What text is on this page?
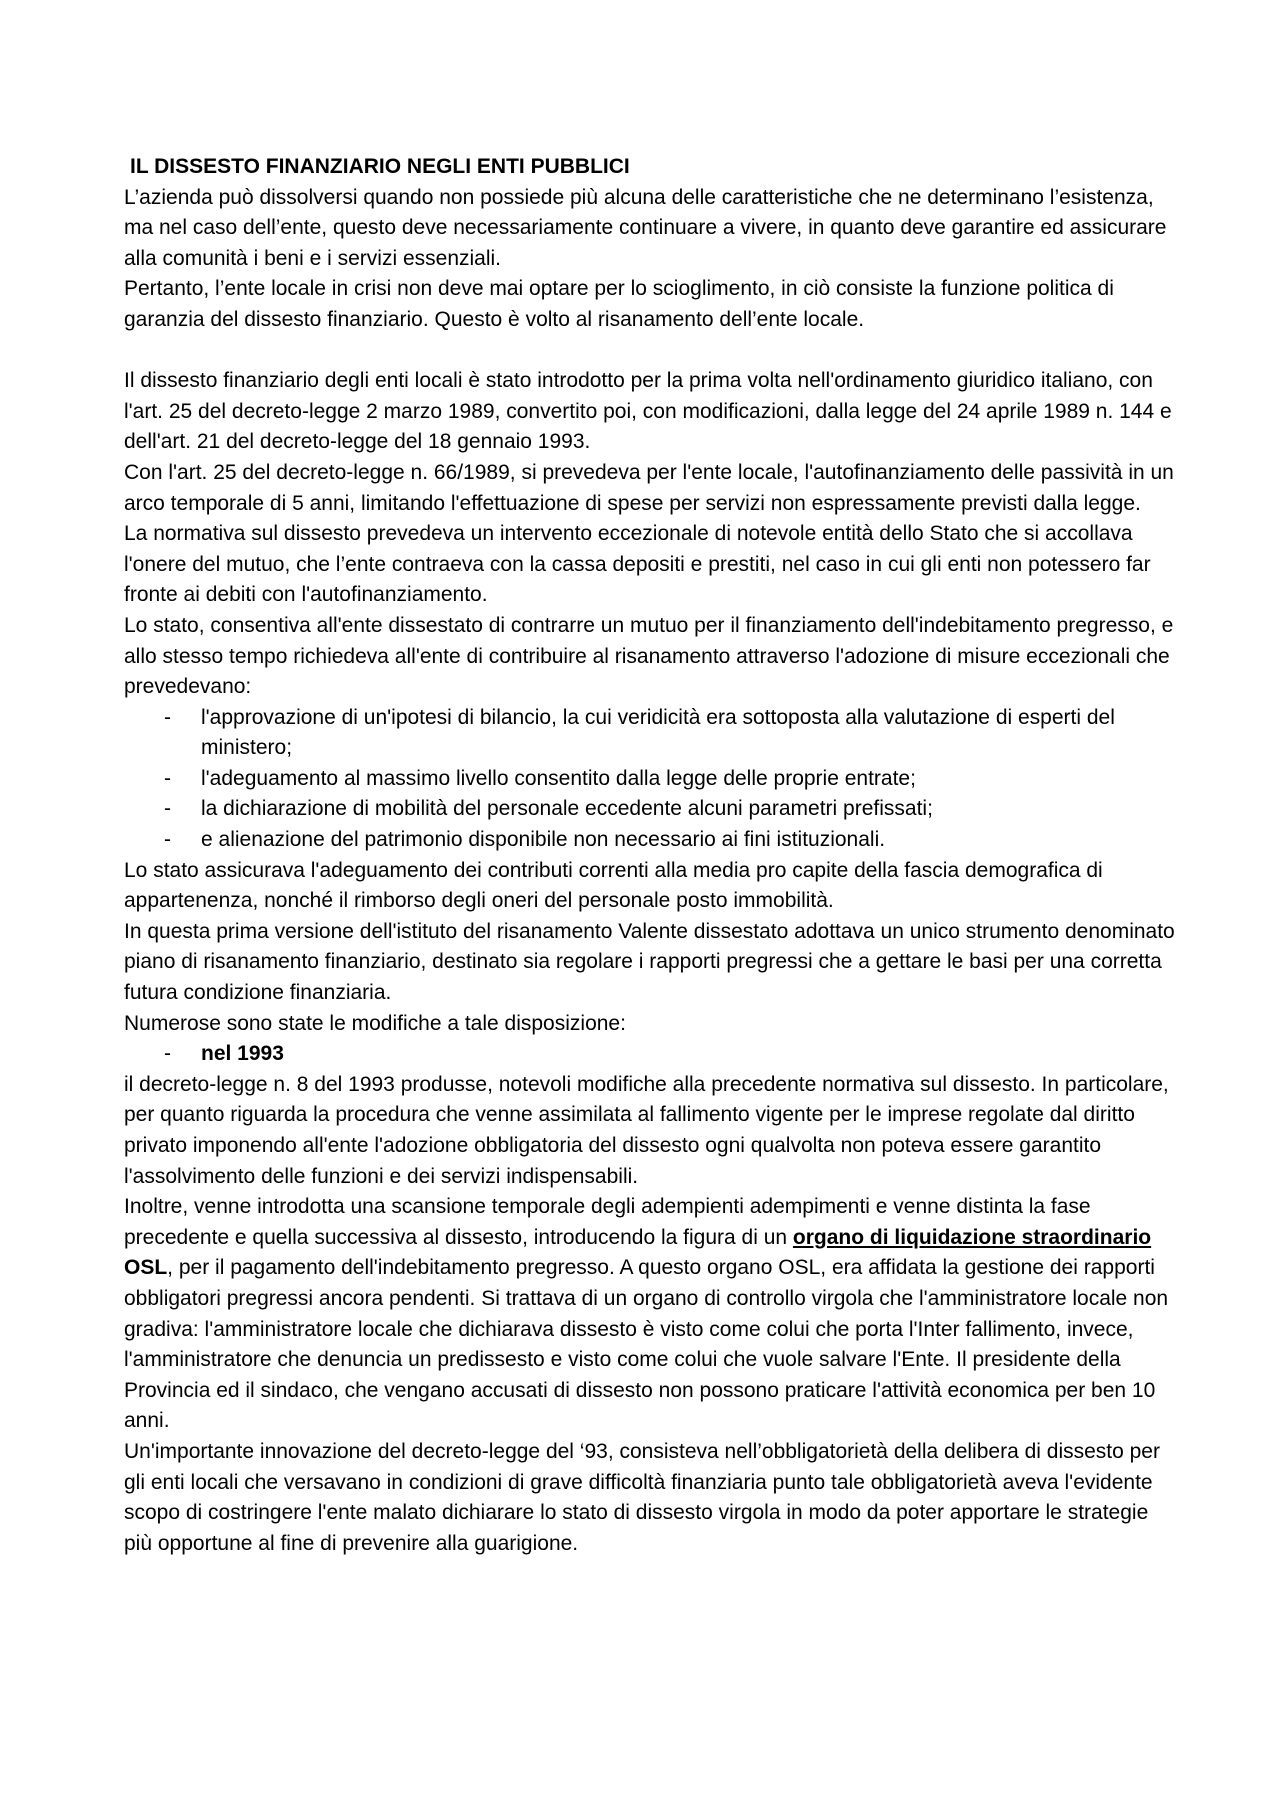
IL DISSESTO FINANZIARIO NEGLI ENTI PUBBLICI

L’azienda può dissolversi quando non possiede più alcuna delle caratteristiche che ne determinano l’esistenza, ma nel caso dell’ente, questo deve necessariamente continuare a vivere, in quanto deve garantire ed assicurare alla comunità i beni e i servizi essenziali.

Pertanto, l’ente locale in crisi non deve mai optare per lo scioglimento, in ciò consiste la funzione politica di garanzia del dissesto finanziario. Questo è volto al risanamento dell’ente locale.

Il dissesto finanziario degli enti locali è stato introdotto per la prima volta nell'ordinamento giuridico italiano, con l'art. 25 del decreto-legge 2 marzo 1989, convertito poi, con modificazioni, dalla legge del 24 aprile 1989 n. 144 e dell'art. 21 del decreto-legge del 18 gennaio 1993.

Con l'art. 25 del decreto-legge n. 66/1989, si prevedeva per l'ente locale, l'autofinanziamento delle passività in un arco temporale di 5 anni, limitando l'effettuazione di spese per servizi non espressamente previsti dalla legge.

La normativa sul dissesto prevedeva un intervento eccezionale di notevole entità dello Stato che si accollava l'onere del mutuo, che l’ente contraeva con la cassa depositi e prestiti, nel caso in cui gli enti non potessero far fronte ai debiti con l'autofinanziamento.

Lo stato, consentiva all'ente dissestato di contrarre un mutuo per il finanziamento dell'indebitamento pregresso, e allo stesso tempo richiedeva all'ente di contribuire al risanamento attraverso l'adozione di misure eccezionali che prevedevano:

- l'approvazione di un'ipotesi di bilancio, la cui veridicità era sottoposta alla valutazione di esperti del ministero;
- l'adeguamento al massimo livello consentito dalla legge delle proprie entrate;
- la dichiarazione di mobilità del personale eccedente alcuni parametri prefissati;
- e alienazione del patrimonio disponibile non necessario ai fini istituzionali.

Lo stato assicurava l'adeguamento dei contributi correnti alla media pro capite della fascia demografica di appartenenza, nonché il rimborso degli oneri del personale posto immobilità.

In questa prima versione dell'istituto del risanamento Valente dissestato adottava un unico strumento denominato piano di risanamento finanziario, destinato sia regolare i rapporti pregressi che a gettare le basi per una corretta futura condizione finanziaria.

Numerose sono state le modifiche a tale disposizione:

- nel 1993

il decreto-legge n. 8 del 1993 produsse, notevoli modifiche alla precedente normativa sul dissesto. In particolare, per quanto riguarda la procedura che venne assimilata al fallimento vigente per le imprese regolate dal diritto privato imponendo all'ente l'adozione obbligatoria del dissesto ogni qualvolta non poteva essere garantito l'assolvimento delle funzioni e dei servizi indispensabili.

Inoltre, venne introdotta una scansione temporale degli adempienti adempimenti e venne distinta la fase precedente e quella successiva al dissesto, introducendo la figura di un organo di liquidazione straordinario OSL, per il pagamento dell'indebitamento pregresso. A questo organo OSL, era affidata la gestione dei rapporti obbligatori pregressi ancora pendenti. Si trattava di un organo di controllo virgola che l'amministratore locale non gradiva: l'amministratore locale che dichiarava dissesto è visto come colui che porta l'Inter fallimento, invece, l'amministratore che denuncia un predissesto e visto come colui che vuole salvare l'Ente. Il presidente della Provincia ed il sindaco, che vengano accusati di dissesto non possono praticare l'attività economica per ben 10 anni.

Un'importante innovazione del decreto-legge del ‘93, consisteva nell’obbligatorietà della delibera di dissesto per gli enti locali che versavano in condizioni di grave difficoltà finanziaria punto tale obbligatorietà aveva l'evidente scopo di costringere l'ente malato dichiarare lo stato di dissesto virgola in modo da poter apportare le strategie più opportune al fine di prevenire alla guarigione.
